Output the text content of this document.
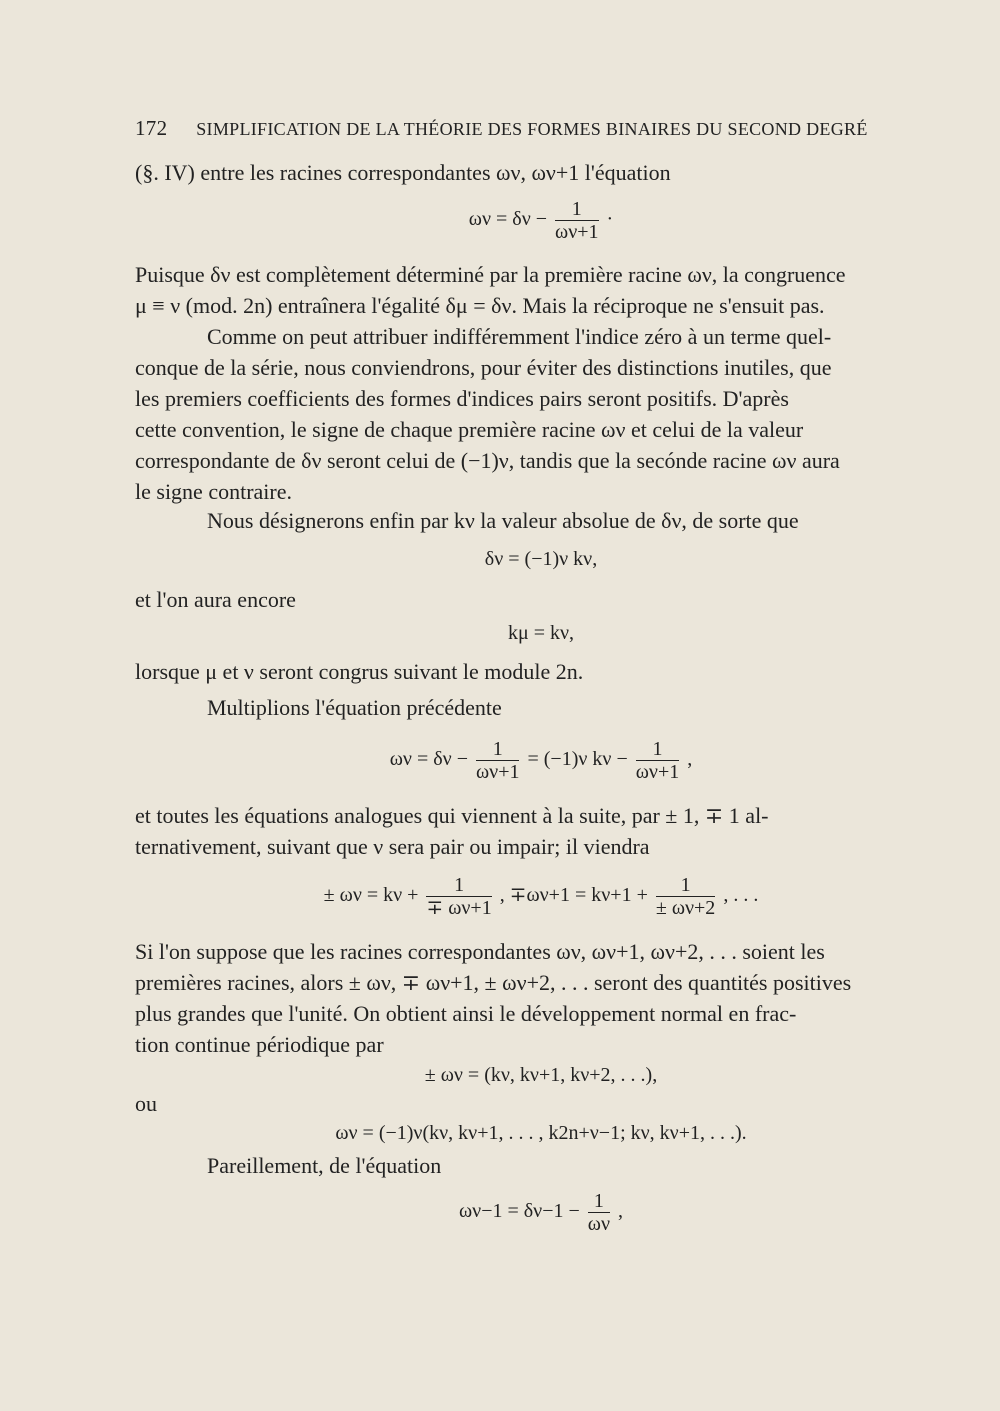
172 SIMPLIFICATION DE LA THÉORIE DES FORMES BINAIRES DU SECOND DEGRÉ
(§. IV) entre les racines correspondantes ων, ων+1 l'équation
$\omega\nu = \delta\nu - \frac{1}{\omega\nu+1}$ ·
Puisque δν est complètement déterminé par la première racine ων, la congruence
μ ≡ ν (mod. 2n) entraînera l'égalité δμ = δν. Mais la réciproque ne s'ensuit pas.
Comme on peut attribuer indifféremment l'indice zéro à un terme quel-
conque de la série, nous conviendrons, pour éviter des distinctions inutiles, que
les premiers coefficients des formes d'indices pairs seront positifs. D'après
cette convention, le signe de chaque première racine ων et celui de la valeur
correspondante de δν seront celui de (−1)ν, tandis que la secónde racine ων aura
le signe contraire.
Nous désignerons enfin par kν la valeur absolue de δν, de sorte que
δν = (−1)ν kν,
et l'on aura encore
kμ = kν,
lorsque μ et ν seront congrus suivant le module 2n.
Multiplions l'équation précédente
$\omega\nu = \delta\nu - \frac{1}{\omega\nu+1} = (-1)\nu$ $k\nu - \frac{1}{\omega\nu+1}$ ,
et toutes les équations analogues qui viennent à la suite, par ± 1, ∓ 1 al-
ternativement, suivant que ν sera pair ou impair; il viendra
± $\omega\nu = k\nu + \frac{1}{\mp \omega\nu+1}$ , $\mp\omega\nu+1 = k\nu+1 + \frac{1}{\pm \omega\nu+2}$ , . . .
Si l'on suppose que les racines correspondantes ων, ων+1, ων+2, . . . soient les
premières racines, alors ± ων, ∓ ων+1, ± ων+2, . . . seront des quantités positives
plus grandes que l'unité. On obtient ainsi le développement normal en frac-
tion continue périodique par
± ων = (kν, kν+1, kν+2, . . .),
ou
ων = (−1)ν(kν, kν+1, . . . , k2n+ν−1; kν, kν+1, . . .).
Pareillement, de l'équation
$\omega\nu-1 = \delta\nu-1 - \frac{1}{\omega\nu}$ ,
